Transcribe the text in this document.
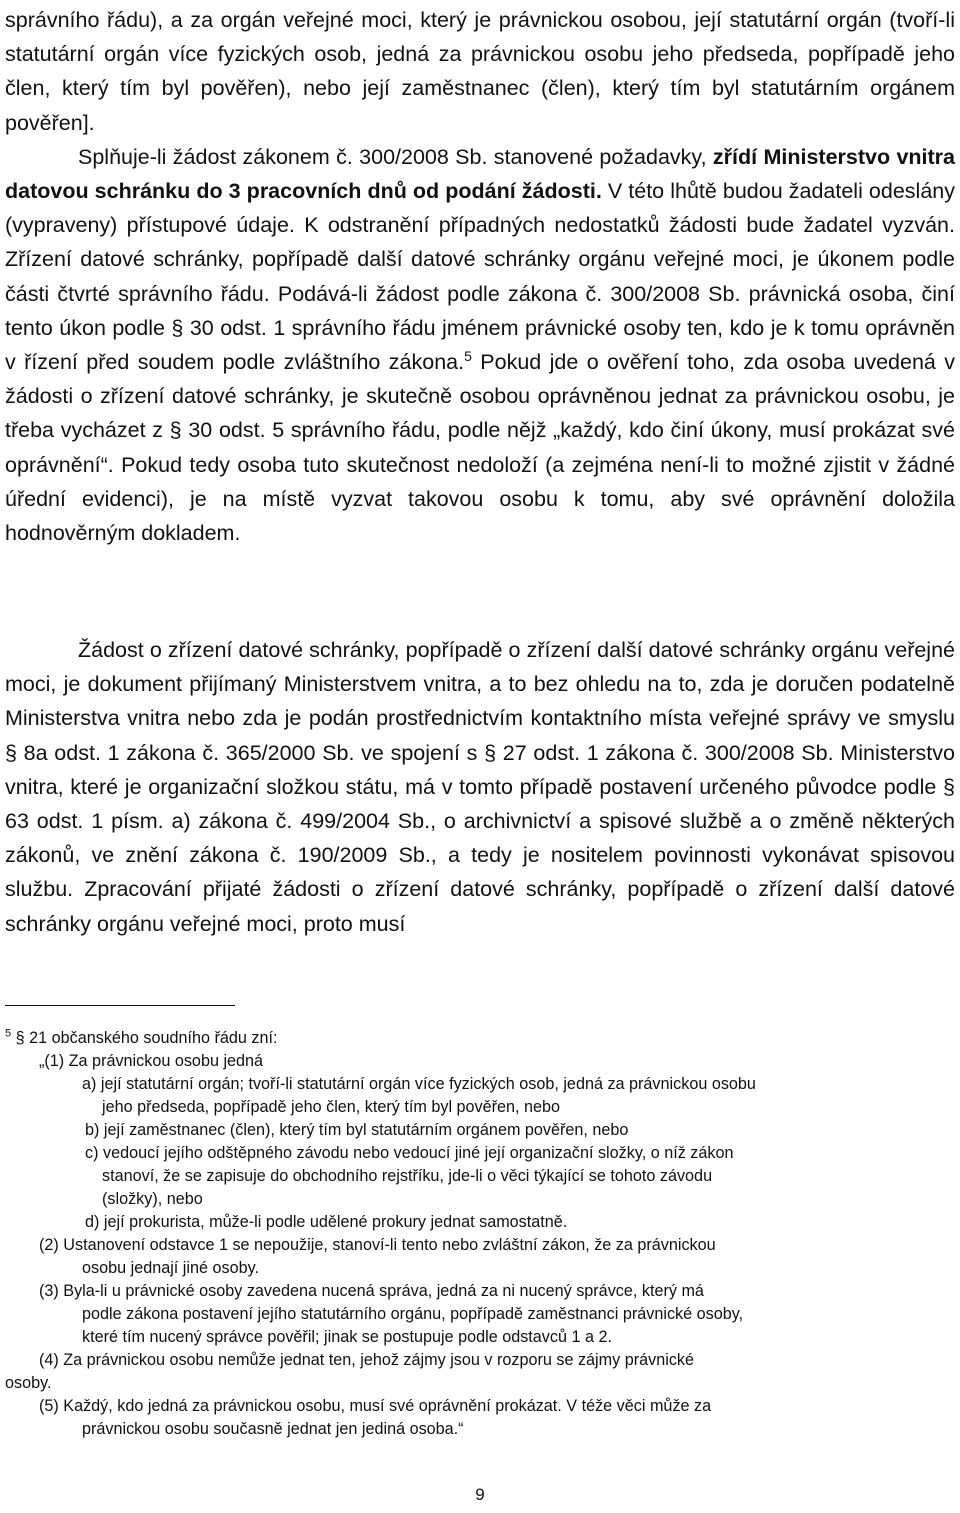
správního řádu), a za orgán veřejné moci, který je právnickou osobou, její statutární orgán (tvoří-li statutární orgán více fyzických osob, jedná za právnickou osobu jeho předseda, popřípadě jeho člen, který tím byl pověřen), nebo její zaměstnanec (člen), který tím byl statutárním orgánem pověřen].
Splňuje-li žádost zákonem č. 300/2008 Sb. stanovené požadavky, zřídí Ministerstvo vnitra datovou schránku do 3 pracovních dnů od podání žádosti. V této lhůtě budou žadateli odeslány (vypraveny) přístupové údaje. K odstranění případných nedostatků žádosti bude žadatel vyzván. Zřízení datové schránky, popřípadě další datové schránky orgánu veřejné moci, je úkonem podle části čtvrté správního řádu. Podává-li žádost podle zákona č. 300/2008 Sb. právnická osoba, činí tento úkon podle § 30 odst. 1 správního řádu jménem právnické osoby ten, kdo je k tomu oprávněn v řízení před soudem podle zvláštního zákona.$^5$ Pokud jde o ověření toho, zda osoba uvedená v žádosti o zřízení datové schránky, je skutečně osobou oprávněnou jednat za právnickou osobu, je třeba vycházet z § 30 odst. 5 správního řádu, podle nějž „každý, kdo činí úkony, musí prokázat své oprávnění“. Pokud tedy osoba tuto skutečnost nedoloží (a zejména není-li to možné zjistit v žádné úřední evidenci), je na místě vyzvat takovou osobu k tomu, aby své oprávnění doložila hodnověrným dokladem.

Žádost o zřízení datové schránky, popřípadě o zřízení další datové schránky orgánu veřejné moci, je dokument přijímaný Ministerstvem vnitra, a to bez ohledu na to, zda je doručen podatelně Ministerstva vnitra nebo zda je podán prostřednictvím kontaktního místa veřejné správy ve smyslu § 8a odst. 1 zákona č. 365/2000 Sb. ve spojení s § 27 odst. 1 zákona č. 300/2008 Sb. Ministerstvo vnitra, které je organizační složkou státu, má v tomto případě postavení určeného původce podle § 63 odst. 1 písm. a) zákona č. 499/2004 Sb., o archivnictví a spisové službě a o změně některých zákonů, ve znění zákona č. 190/2009 Sb., a tedy je nositelem povinnosti vykonávat spisovou službu. Zpracování přijaté žádosti o zřízení datové schránky, popřípadě o zřízení další datové schránky orgánu veřejné moci, proto musí

$^5$ § 21 občanského soudního řádu zní:

„(1) Za právnickou osobu jedná

a) její statutární orgán; tvoří-li statutární orgán více fyzických osob, jedná za právnickou osobu

jeho předseda, popřípadě jeho člen, který tím byl pověřen, nebo

b) její zaměstnanec (člen), který tím byl statutárním orgánem pověřen, nebo

c) vedoucí jejího odštěpného závodu nebo vedoucí jiné její organizační složky, o níž zákon

stanoví, že se zapisuje do obchodního rejstříku, jde-li o věci týkající se tohoto závodu

(složky), nebo

d) její prokurista, může-li podle udělené prokury jednat samostatně.

(2) Ustanovení odstavce 1 se nepoužije, stanoví-li tento nebo zvláštní zákon, že za právnickou

osobu jednají jiné osoby.

(3) Byla-li u právnické osoby zavedena nucená správa, jedná za ni nucený správce, který má

podle zákona postavení jejího statutárního orgánu, popřípadě zaměstnanci právnické osoby,

které tím nucený správce pověřil; jinak se postupuje podle odstavců 1 a 2.

(4) Za právnickou osobu nemůže jednat ten, jehož zájmy jsou v rozporu se zájmy právnické

osoby.

(5) Každý, kdo jedná za právnickou osobu, musí své oprávnění prokázat. V téže věci může za

právnickou osobu současně jednat jen jediná osoba.“

9
